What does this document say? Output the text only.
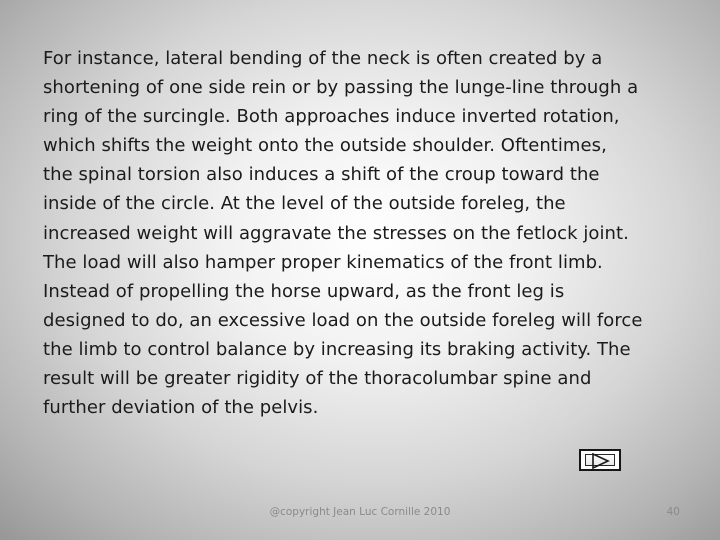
For instance, lateral bending of the neck is often created by a
shortening of one side rein or by passing the lunge-line through a
ring of the surcingle. Both approaches induce inverted rotation,
which shifts the weight onto the outside shoulder. Oftentimes,
the spinal torsion also induces a shift of the croup toward the
inside of the circle. At the level of the outside foreleg, the
increased weight will aggravate the stresses on the fetlock joint.
The load will also hamper proper kinematics of the front limb.
Instead of propelling the horse upward, as the front leg is
designed to do, an excessive load on the outside foreleg will force
the limb to control balance by increasing its braking activity. The
result will be greater rigidity of the thoracolumbar spine and
further deviation of the pelvis.

@copyright Jean Luc Cornille 2010	40
